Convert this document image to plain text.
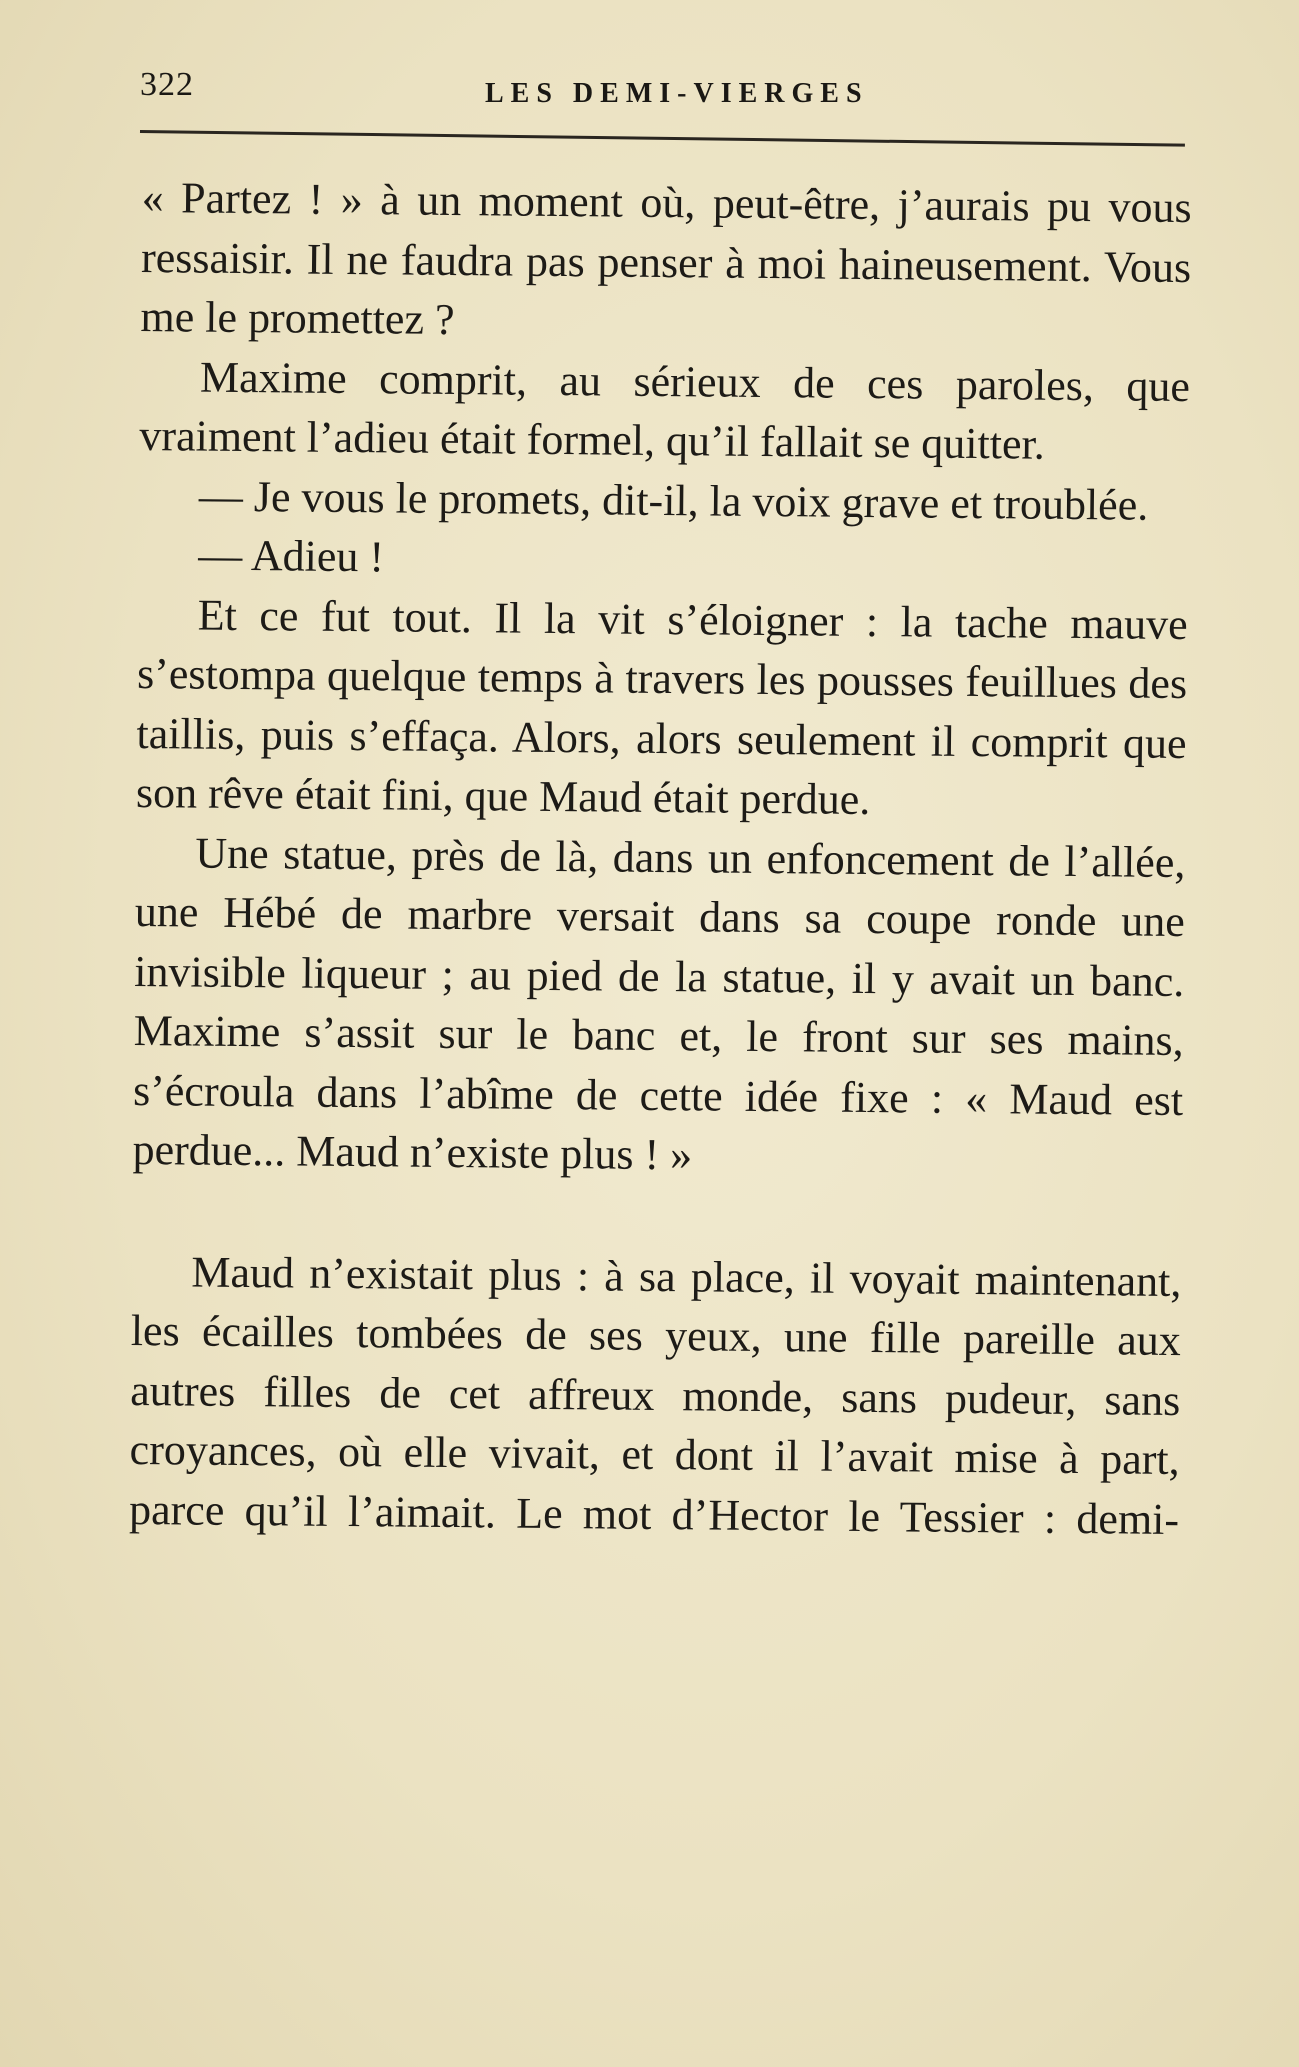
322	LES DEMI-VIERGES

« Partez ! » à un moment où, peut-être, j’aurais pu vous ressaisir. Il ne faudra pas penser à moi haineusement. Vous me le promettez ?

Maxime comprit, au sérieux de ces paroles, que vraiment l’adieu était formel, qu’il fallait se quitter.

— Je vous le promets, dit-il, la voix grave et troublée.

— Adieu !

Et ce fut tout. Il la vit s’éloigner : la tache mauve s’estompa quelque temps à travers les pousses feuillues des taillis, puis s’effaça. Alors, alors seulement il comprit que son rêve était fini, que Maud était perdue.

Une statue, près de là, dans un enfoncement de l’allée, une Hébé de marbre versait dans sa coupe ronde une invisible liqueur ; au pied de la statue, il y avait un banc. Maxime s’assit sur le banc et, le front sur ses mains, s’écroula dans l’abîme de cette idée fixe : « Maud est perdue... Maud n’existe plus ! »

Maud n’existait plus : à sa place, il voyait maintenant, les écailles tombées de ses yeux, une fille pareille aux autres filles de cet affreux monde, sans pudeur, sans croyances, où elle vivait, et dont il l’avait mise à part, parce qu’il l’aimait. Le mot d’Hector le Tessier : demi-
